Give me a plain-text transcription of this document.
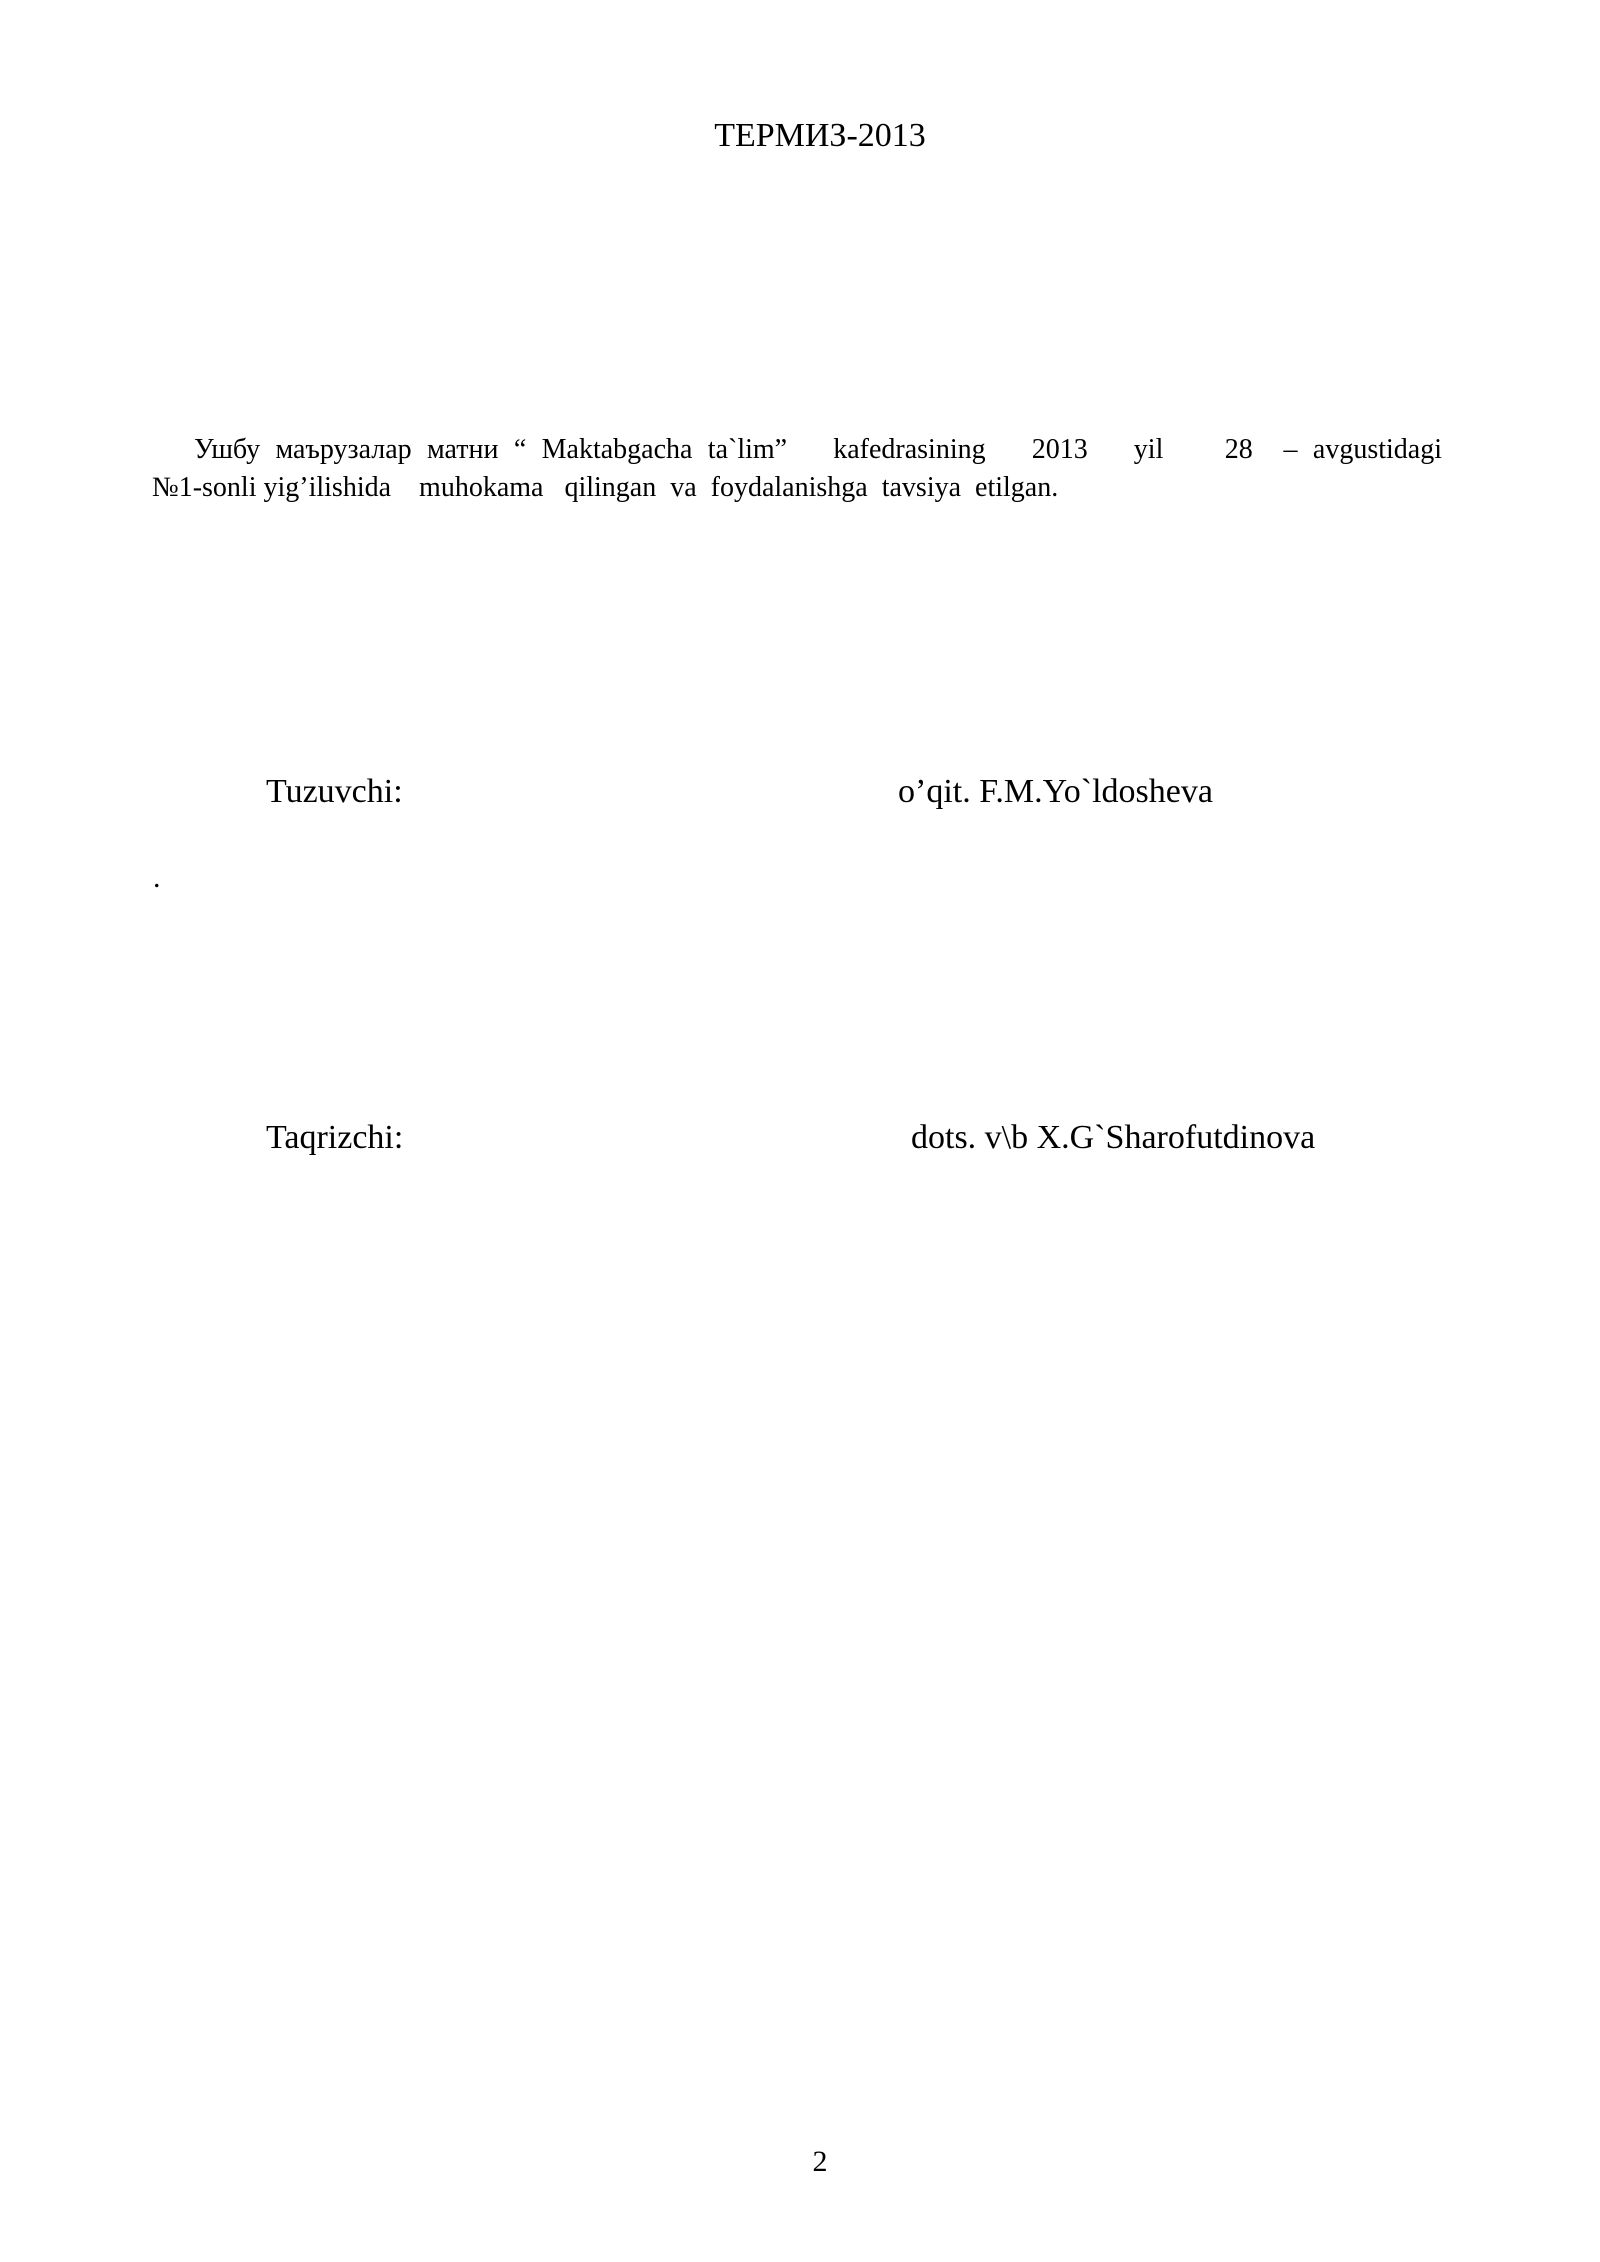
ТЕРМИЗ-2013
Ушбу маърузалар матни “ Maktabgacha ta`lim”   kafedrasining   2013   yil    28  – avgustidagi
№1-sonli yig’ilishida    muhokama   qilingan  va  foydalanishga  tavsiya  etilgan.
Tuzuvchi:	o’qit. F.M.Yo`ldosheva
.
Taqrizchi:	dots. v\b X.G`Sharofutdinova
2
